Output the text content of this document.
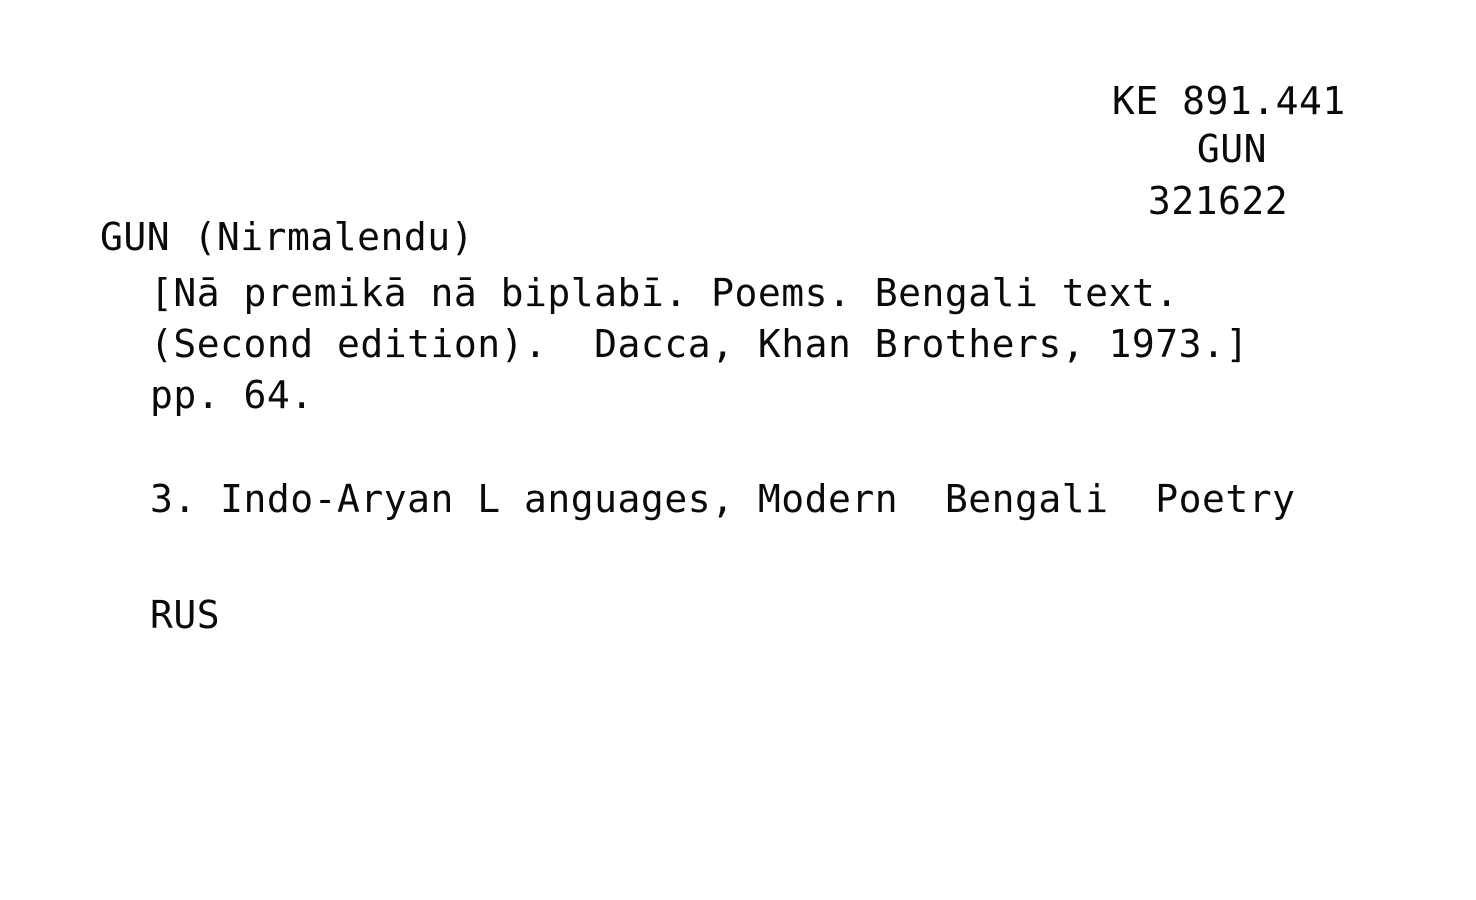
KE 891.441
GUN
321622
GUN (Nirmalendu)
[Nā premikā nā biplabī. Poems. Bengali text.
(Second edition).  Dacca, Khan Brothers, 1973.]
pp. 64.
3. Indo-Aryan L anguages, Modern  Bengali  Poetry
RUS
